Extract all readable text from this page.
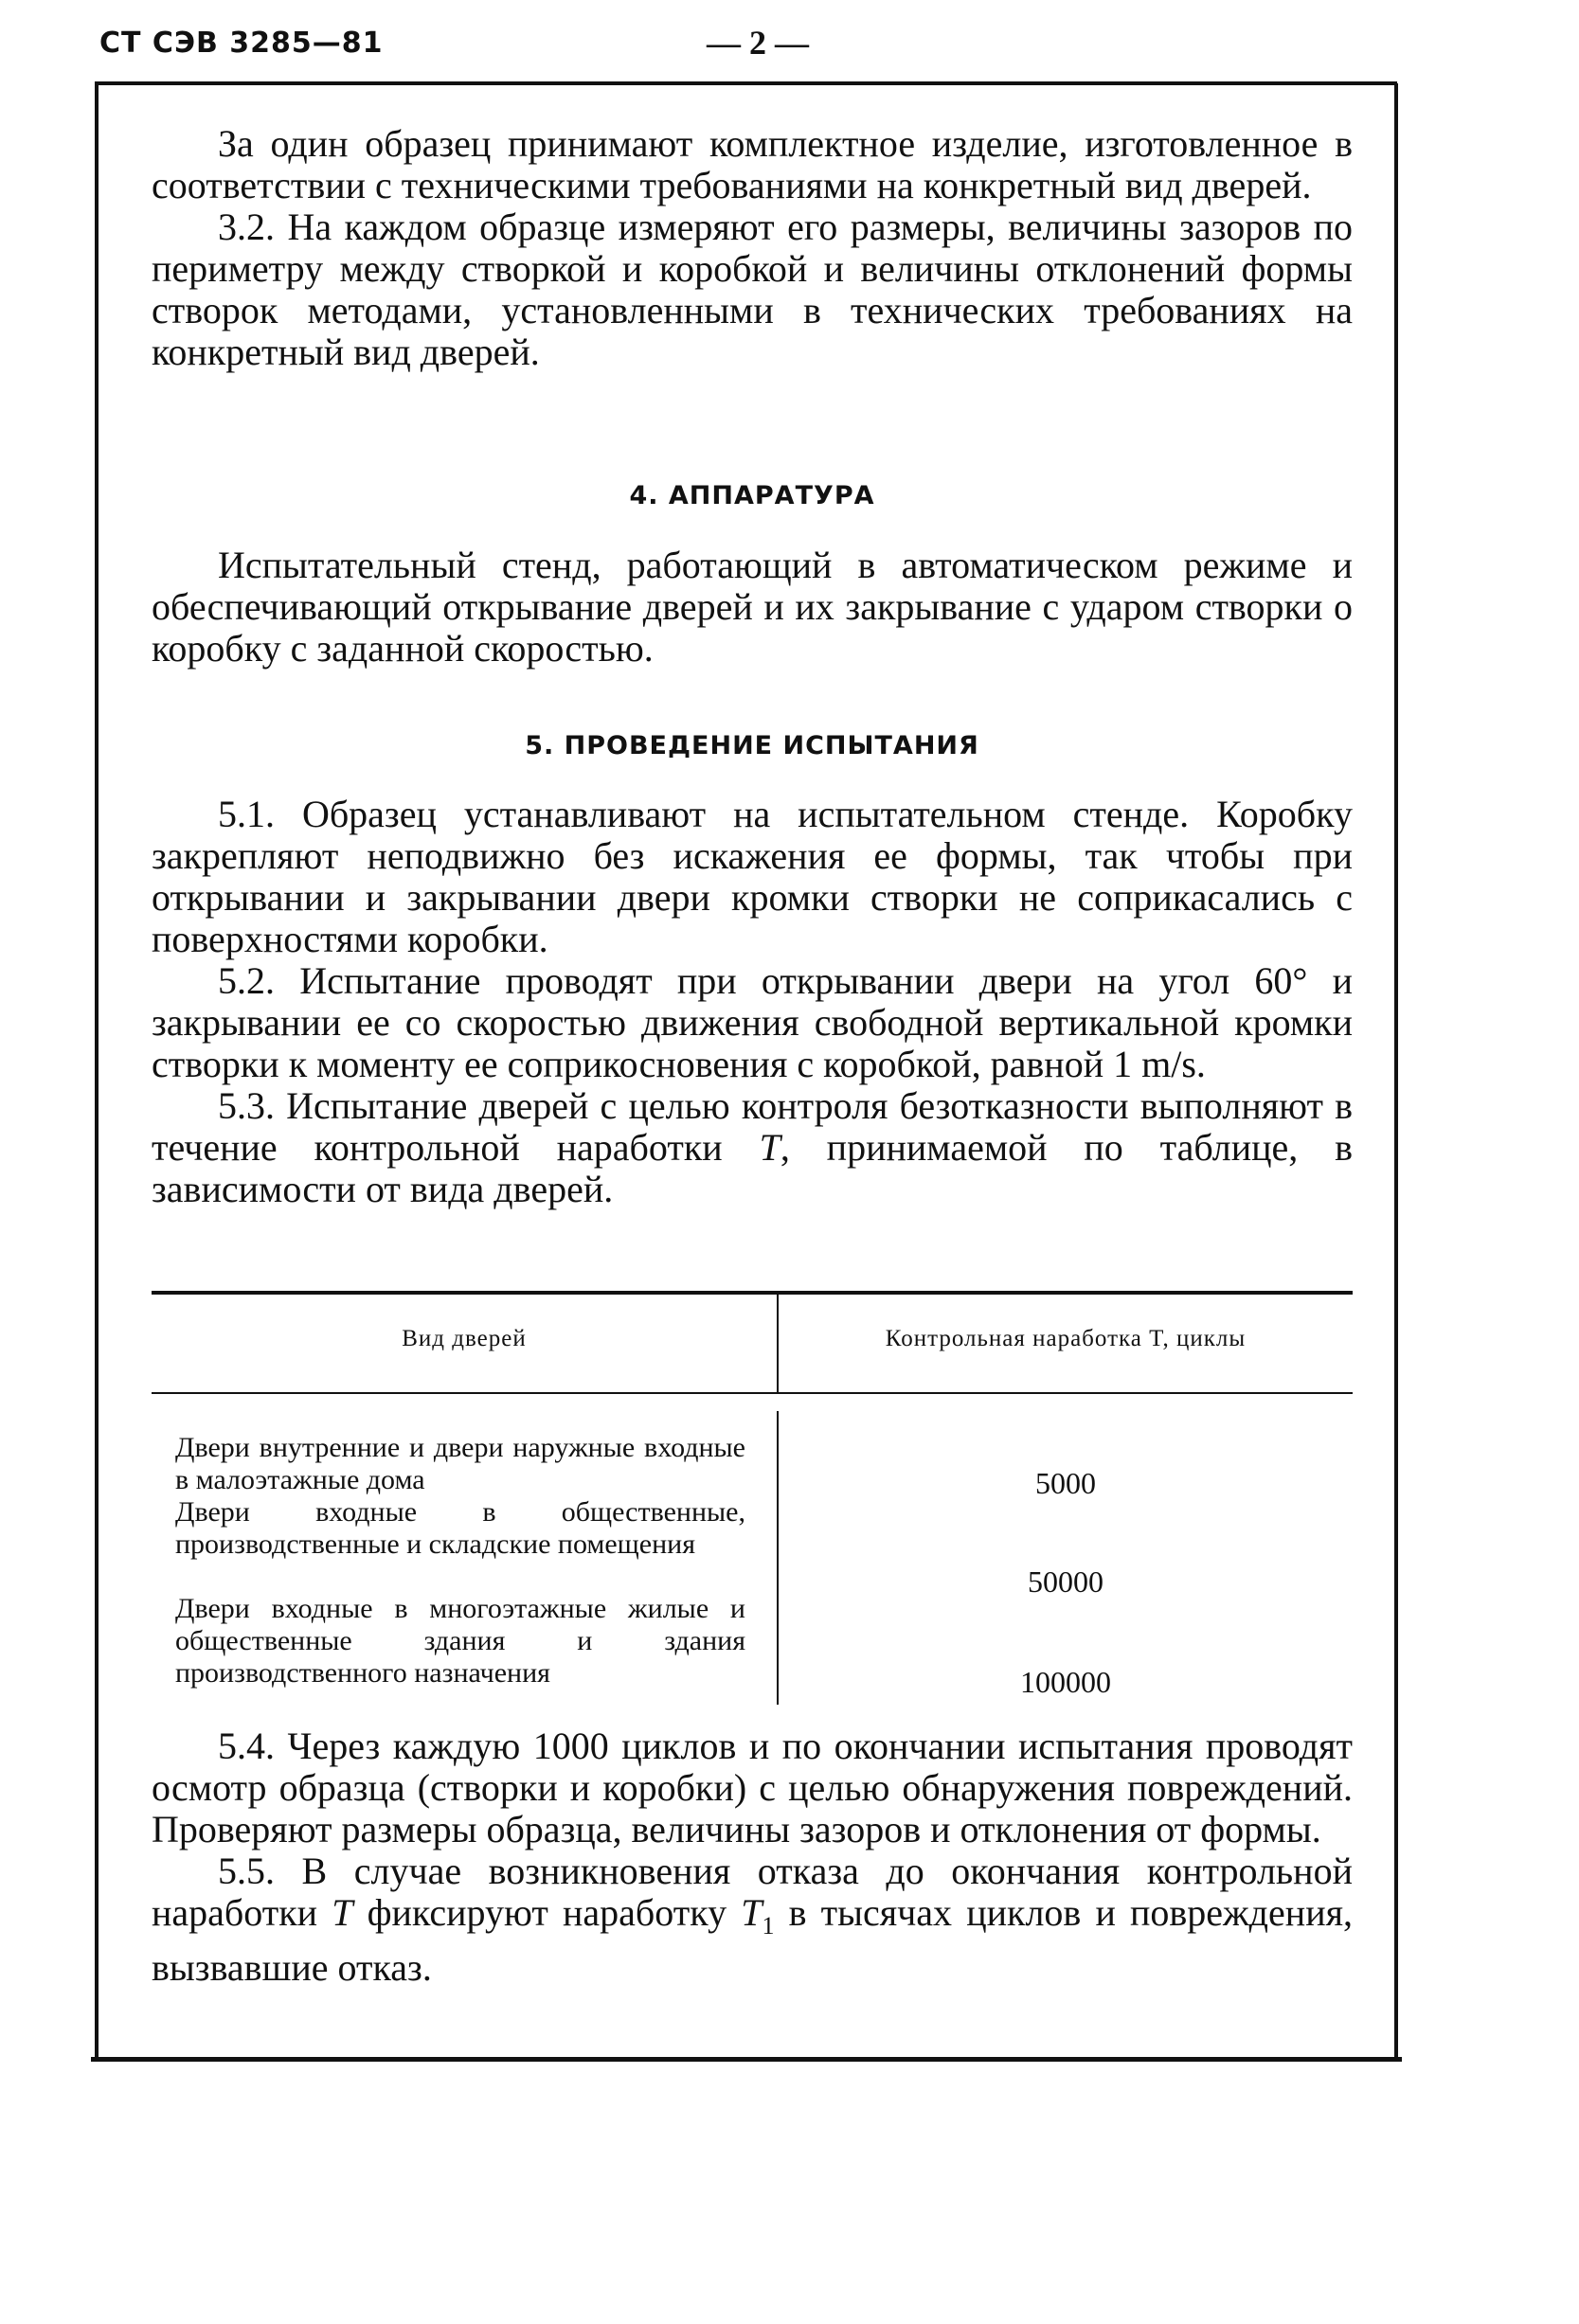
СТ СЭВ 3285—81	— 2 —

За один образец принимают комплектное изделие, изготовленное в соответствии с техническими требованиями на конкретный вид дверей.

3.2. На каждом образце измеряют его размеры, величины зазоров по периметру между створкой и коробкой и величины отклонений формы створок методами, установленными в технических требованиях на конкретный вид дверей.

4. АППАРАТУРА

Испытательный стенд, работающий в автоматическом режиме и обеспечивающий открывание дверей и их закрывание с ударом створки о коробку с заданной скоростью.

5. ПРОВЕДЕНИЕ ИСПЫТАНИЯ

5.1. Образец устанавливают на испытательном стенде. Коробку закрепляют неподвижно без искажения ее формы, так чтобы при открывании и закрывании двери кромки створки не соприкасались с поверхностями коробки.

5.2. Испытание проводят при открывании двери на угол 60° и закрывании ее со скоростью движения свободной вертикальной кромки створки к моменту ее соприкосновения с коробкой, равной 1 m/s.

5.3. Испытание дверей с целью контроля безотказности выполняют в течение контрольной наработки T, принимаемой по таблице, в зависимости от вида дверей.

Вид дверей	Контрольная наработка T, циклы

Двери внутренние и двери наружные входные в малоэтажные дома

Двери входные в общественные, производственные и складские помещения

Двери входные в многоэтажные жилые и общественные здания и здания производственного назначения

5000
50000
100000

5.4. Через каждую 1000 циклов и по окончании испытания проводят осмотр образца (створки и коробки) с целью обнаружения повреждений. Проверяют размеры образца, величины зазоров и отклонения от формы.

5.5. В случае возникновения отказа до окончания контрольной наработки T фиксируют наработку $T_1$ в тысячах циклов и повреждения, вызвавшие отказ.
